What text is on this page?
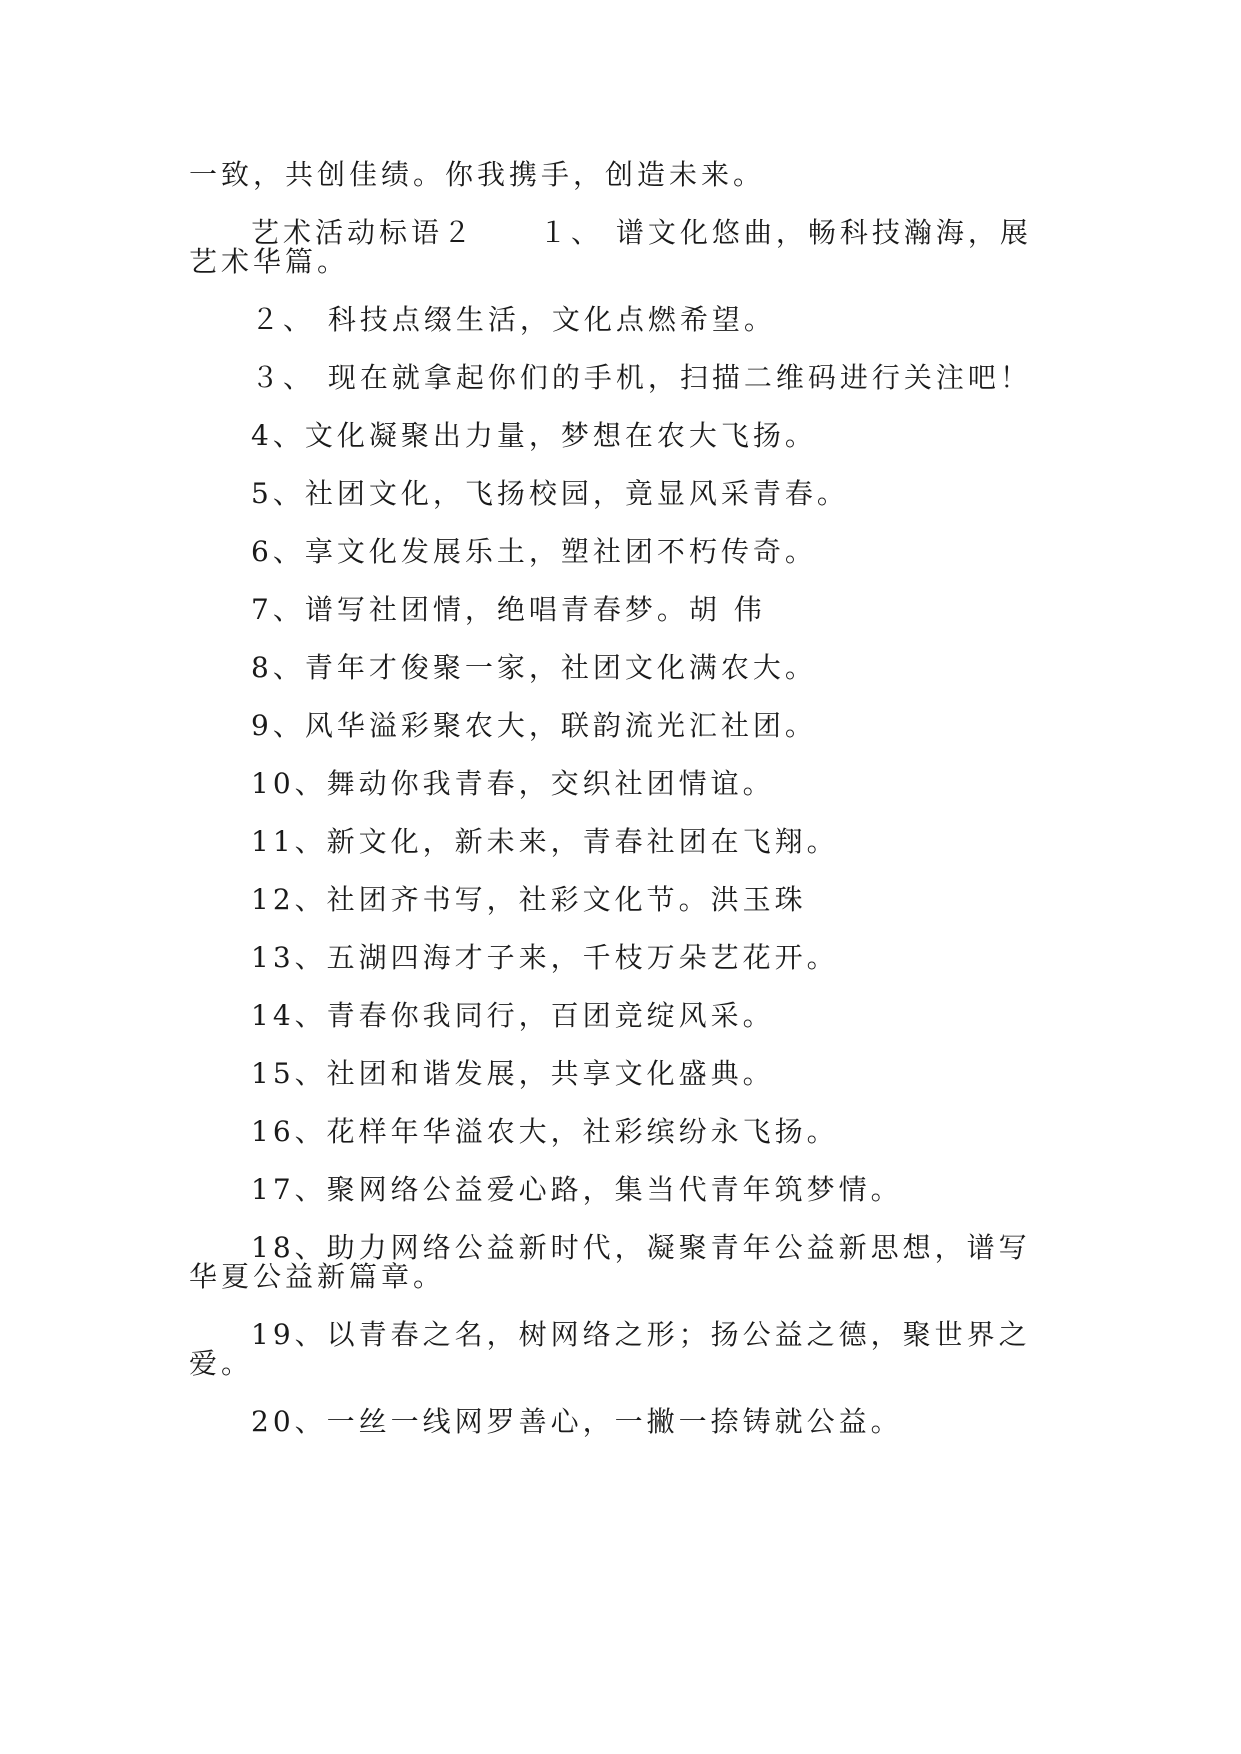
一致，共创佳绩。你我携手，创造未来。

艺术活动标语２　　１、 谱文化悠曲，畅科技瀚海，展艺术华篇。

２、 科技点缀生活，文化点燃希望。

３、 现在就拿起你们的手机，扫描二维码进行关注吧！

4、文化凝聚出力量，梦想在农大飞扬。

5、社团文化，飞扬校园，竟显风采青春。

6、享文化发展乐土，塑社团不朽传奇。

7、谱写社团情，绝唱青春梦。胡 伟

8、青年才俊聚一家，社团文化满农大。

9、风华溢彩聚农大，联韵流光汇社团。

10、舞动你我青春，交织社团情谊。

11、新文化，新未来，青春社团在飞翔。

12、社团齐书写，社彩文化节。洪玉珠

13、五湖四海才子来，千枝万朵艺花开。

14、青春你我同行，百团竞绽风采。

15、社团和谐发展，共享文化盛典。

16、花样年华溢农大，社彩缤纷永飞扬。

17、聚网络公益爱心路，集当代青年筑梦情。

18、助力网络公益新时代，凝聚青年公益新思想，谱写华夏公益新篇章。

19、以青春之名，树网络之形；扬公益之德，聚世界之爱。

20、一丝一线网罗善心，一撇一捺铸就公益。
